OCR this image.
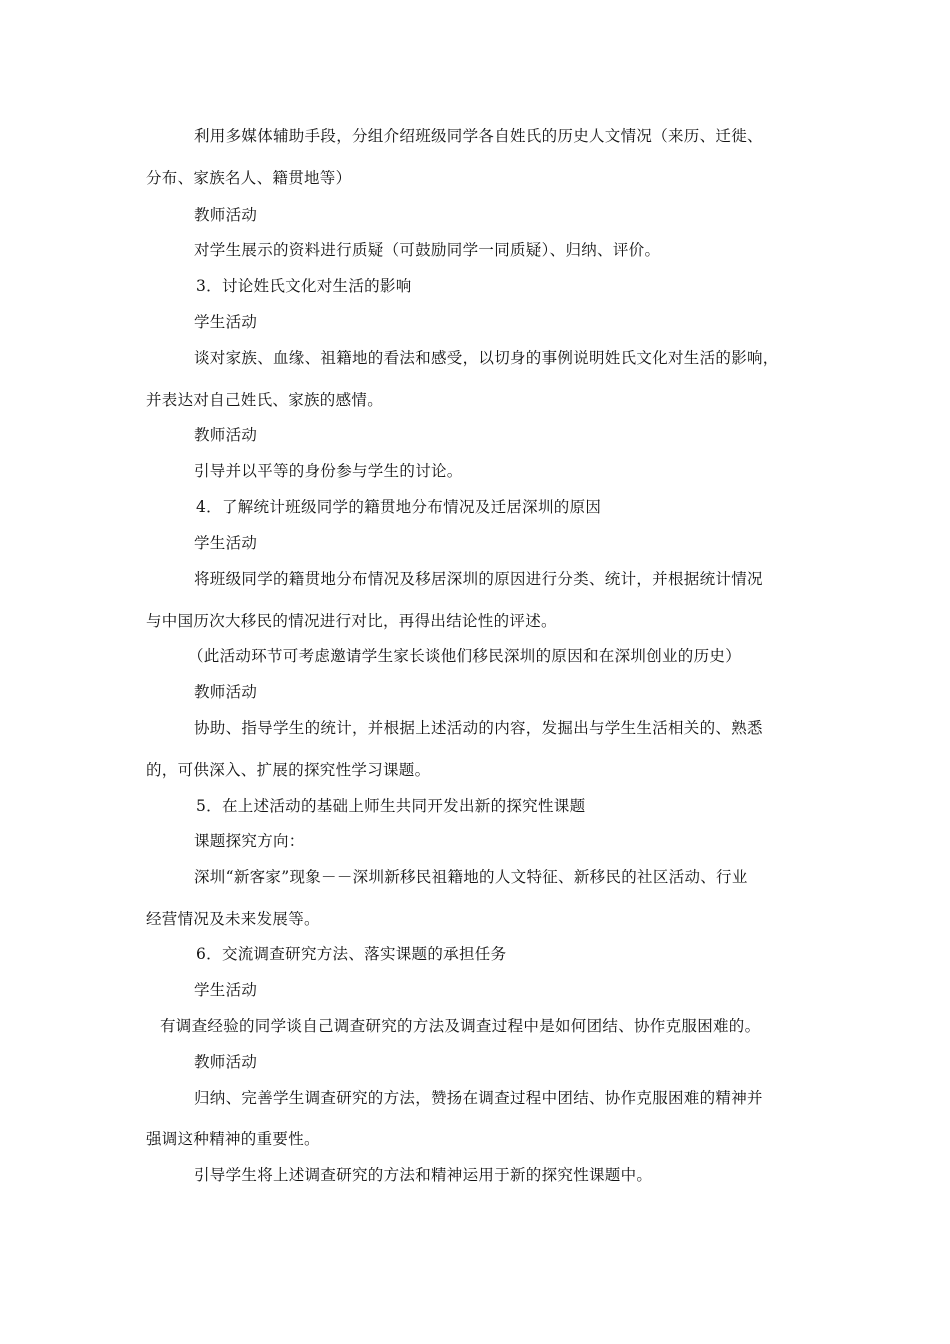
利用多媒体辅助手段，分组介绍班级同学各自姓氏的历史人文情况（来历、迁徙、
分布、家族名人、籍贯地等）
教师活动
对学生展示的资料进行质疑（可鼓励同学一同质疑）、归纳、评价。
3．讨论姓氏文化对生活的影响
学生活动
谈对家族、血缘、祖籍地的看法和感受，以切身的事例说明姓氏文化对生活的影响，
并表达对自己姓氏、家族的感情。
教师活动
引导并以平等的身份参与学生的讨论。
4．了解统计班级同学的籍贯地分布情况及迁居深圳的原因
学生活动
将班级同学的籍贯地分布情况及移居深圳的原因进行分类、统计，并根据统计情况
与中国历次大移民的情况进行对比，再得出结论性的评述。
（此活动环节可考虑邀请学生家长谈他们移民深圳的原因和在深圳创业的历史）
教师活动
协助、指导学生的统计，并根据上述活动的内容，发掘出与学生生活相关的、熟悉
的，可供深入、扩展的探究性学习课题。
5．在上述活动的基础上师生共同开发出新的探究性课题
课题探究方向：
深圳“新客家”现象－－深圳新移民祖籍地的人文特征、新移民的社区活动、行业
经营情况及未来发展等。
6．交流调查研究方法、落实课题的承担任务
学生活动
有调查经验的同学谈自己调查研究的方法及调查过程中是如何团结、协作克服困难的。
教师活动
归纳、完善学生调查研究的方法，赞扬在调查过程中团结、协作克服困难的精神并
强调这种精神的重要性。
引导学生将上述调查研究的方法和精神运用于新的探究性课题中。
